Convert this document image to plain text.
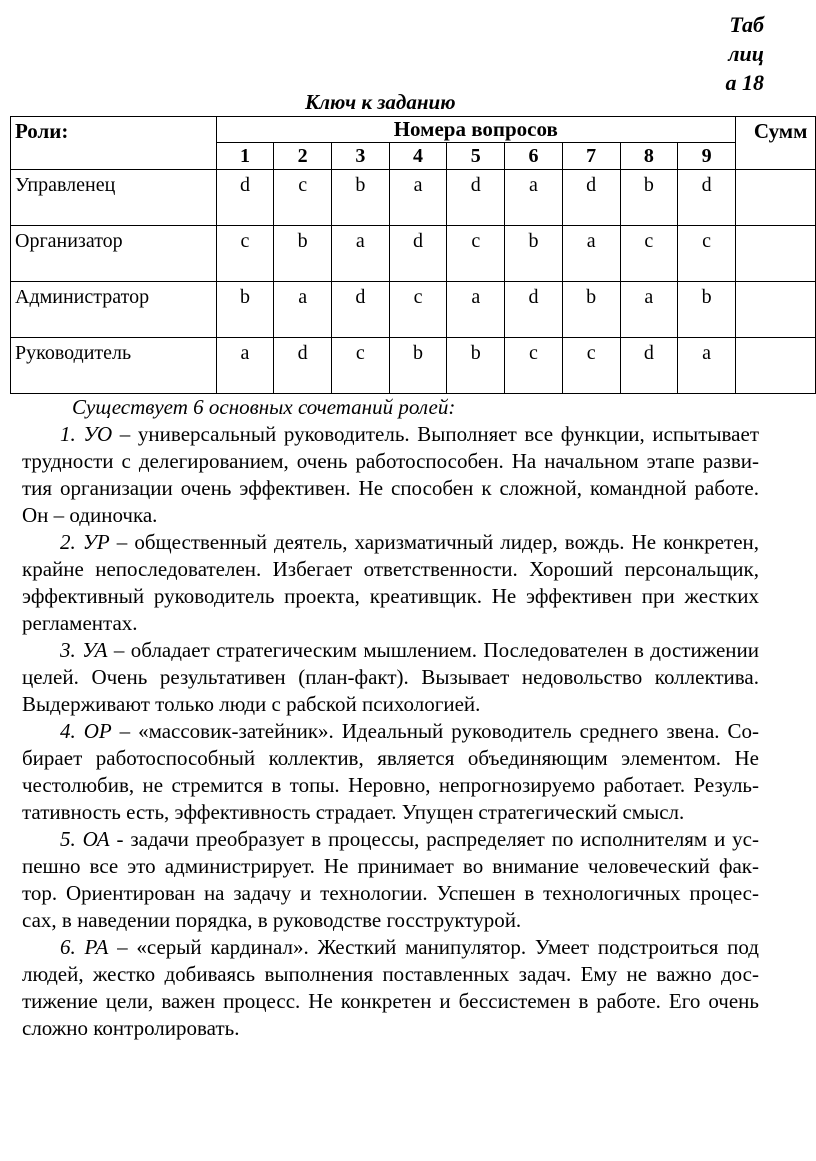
Таб
лиц
а 18
Ключ к заданию
Роли:	Номера вопросов									Сумм
	1	2	3	4	5	6	7	8	9	
Управленец	d	c	b	a	d	a	d	b	d	
Организатор	c	b	a	d	c	b	a	c	c	
Администратор	b	a	d	c	a	d	b	a	b	
Руководитель	a	d	c	b	b	c	c	d	a	

Существует 6 основных сочетаний ролей:

1. УО – универсальный руководитель. Выполняет все функции, испытывает трудности с делегированием, очень работоспособен. На начальном этапе разви- тия организации очень эффективен. Не способен к сложной, командной работе. Он – одиночка.

2. УР – общественный деятель, харизматичный лидер, вождь. Не конкретен, крайне непоследователен. Избегает ответственности. Хороший персональщик, эффективный руководитель проекта, креативщик. Не эффективен при жестких регламентах.

3. УА – обладает стратегическим мышлением. Последователен в достижении целей. Очень результативен (план-факт). Вызывает недовольство коллектива. Выдерживают только люди с рабской психологией.

4. ОР – «массовик-затейник». Идеальный руководитель среднего звена. Со- бирает работоспособный коллектив, является объединяющим элементом. Не честолюбив, не стремится в топы. Неровно, непрогнозируемо работает. Резуль- тативность есть, эффективность страдает. Упущен стратегический смысл.

5. ОА - задачи преобразует в процессы, распределяет по исполнителям и ус- пешно все это администрирует. Не принимает во внимание человеческий фак- тор. Ориентирован на задачу и технологии. Успешен в технологичных процес- сах, в наведении порядка, в руководстве госструктурой.

6. РА – «серый кардинал». Жесткий манипулятор. Умеет подстроиться под людей, жестко добиваясь выполнения поставленных задач. Ему не важно дос- тижение цели, важен процесс. Не конкретен и бессистемен в работе. Его очень сложно контролировать.
